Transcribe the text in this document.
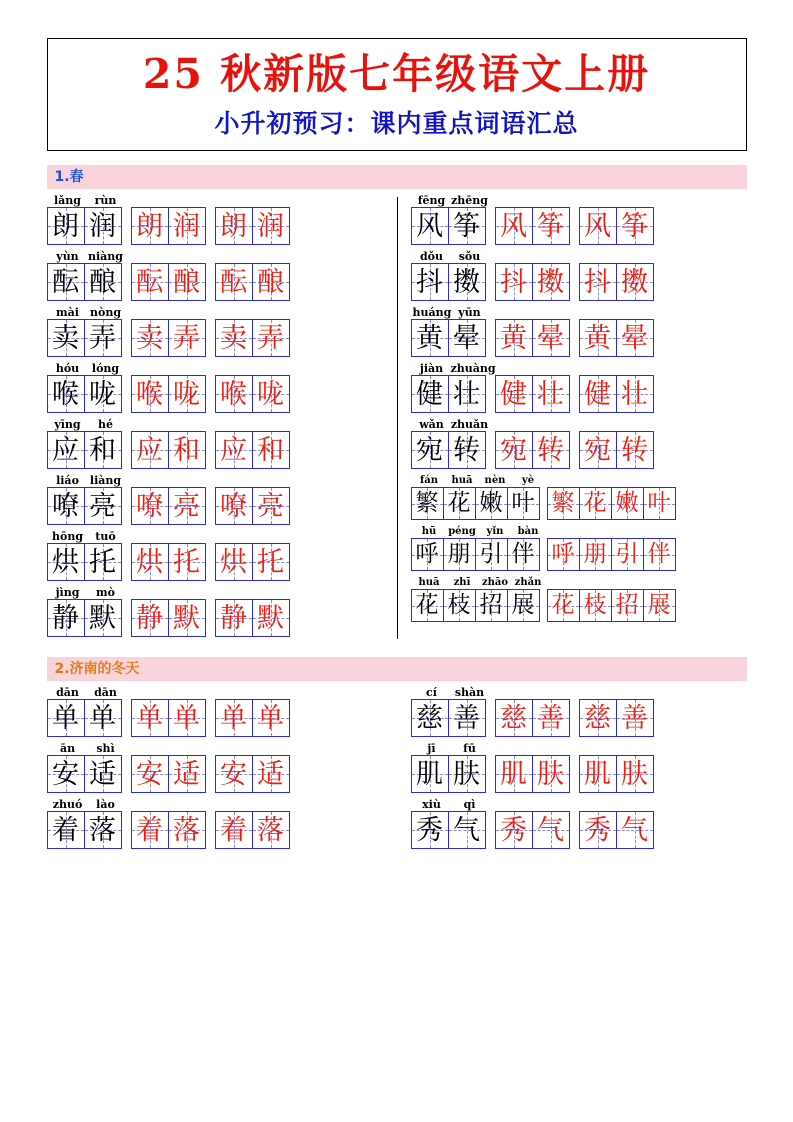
25 秋新版七年级语文上册
小升初预习：课内重点词语汇总
1.春
lǎng	rùn
朗 润 朗 润 朗 润
yùn niàng
酝 酿 酝 酿 酝 酿
mài	nòng
卖 弄 卖 弄 卖 弄
hóu	lóng
喉 咙 喉 咙 喉 咙
yīng	hé
应 和 应 和 应 和
liáo	liàng
嘹 亮 嘹 亮 嘹 亮
hōng	tuō
烘 托 烘 托 烘 托
jìng	mò
静 默 静 默 静 默
fēng zhēng
风 筝 风 筝 风 筝
dǒu	sǒu
抖 擞 抖 擞 抖 擞
huáng yūn
黄 晕 黄 晕 黄 晕
jiàn zhuàng
健 壮 健 壮 健 壮
wǎn zhuǎn
宛 转 宛 转 宛 转
fán	huā	nèn	yè
繁 花 嫩 叶 繁 花 嫩 叶
hū	péng	yǐn	bàn
呼 朋 引 伴 呼 朋 引 伴
huā	zhī	zhāo zhǎn
花 枝 招 展 花 枝 招 展
2.济南的冬天
dān	dān
单 单 单 单 单 单
ān	shì
安 适 安 适 安 适
zhuó	lào
着 落 着 落 着 落
cí	shàn
慈 善 慈 善 慈 善
jī	fū
肌 肤 肌 肤 肌 肤
xiù	qì
秀 气 秀 气 秀 气
